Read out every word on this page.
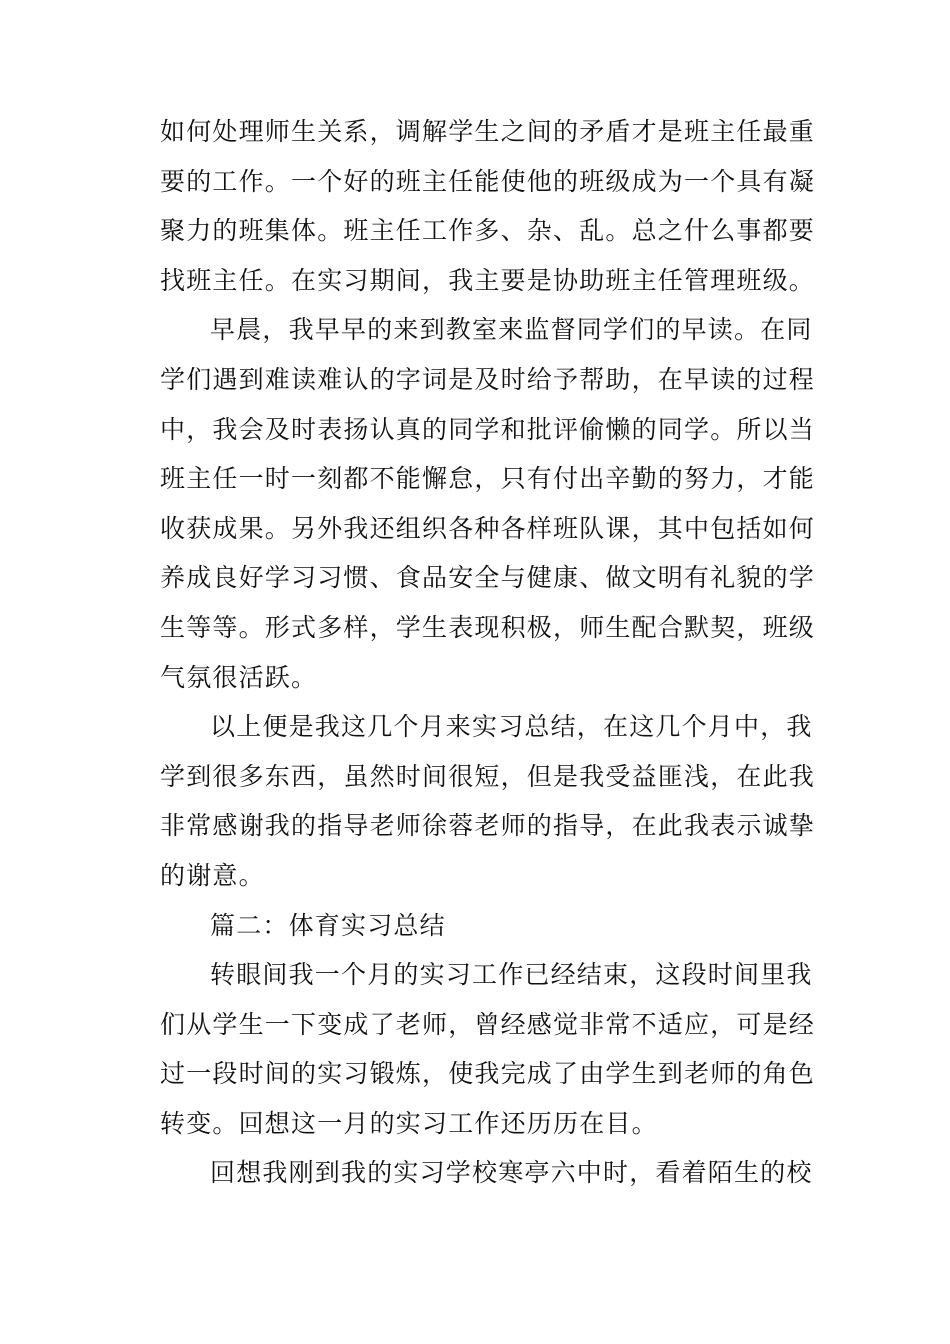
如何处理师生关系，调解学生之间的矛盾才是班主任最重
要的工作。一个好的班主任能使他的班级成为一个具有凝
聚力的班集体。班主任工作多、杂、乱。总之什么事都要
找班主任。在实习期间，我主要是协助班主任管理班级。
早晨，我早早的来到教室来监督同学们的早读。在同
学们遇到难读难认的字词是及时给予帮助，在早读的过程
中，我会及时表扬认真的同学和批评偷懒的同学。所以当
班主任一时一刻都不能懈怠，只有付出辛勤的努力，才能
收获成果。另外我还组织各种各样班队课，其中包括如何
养成良好学习习惯、食品安全与健康、做文明有礼貌的学
生等等。形式多样，学生表现积极，师生配合默契，班级
气氛很活跃。
以上便是我这几个月来实习总结，在这几个月中，我
学到很多东西，虽然时间很短，但是我受益匪浅，在此我
非常感谢我的指导老师徐蓉老师的指导，在此我表示诚挚
的谢意。
篇二：体育实习总结
转眼间我一个月的实习工作已经结束，这段时间里我
们从学生一下变成了老师，曾经感觉非常不适应，可是经
过一段时间的实习锻炼，使我完成了由学生到老师的角色
转变。回想这一月的实习工作还历历在目。
回想我刚到我的实习学校寒亭六中时，看着陌生的校
